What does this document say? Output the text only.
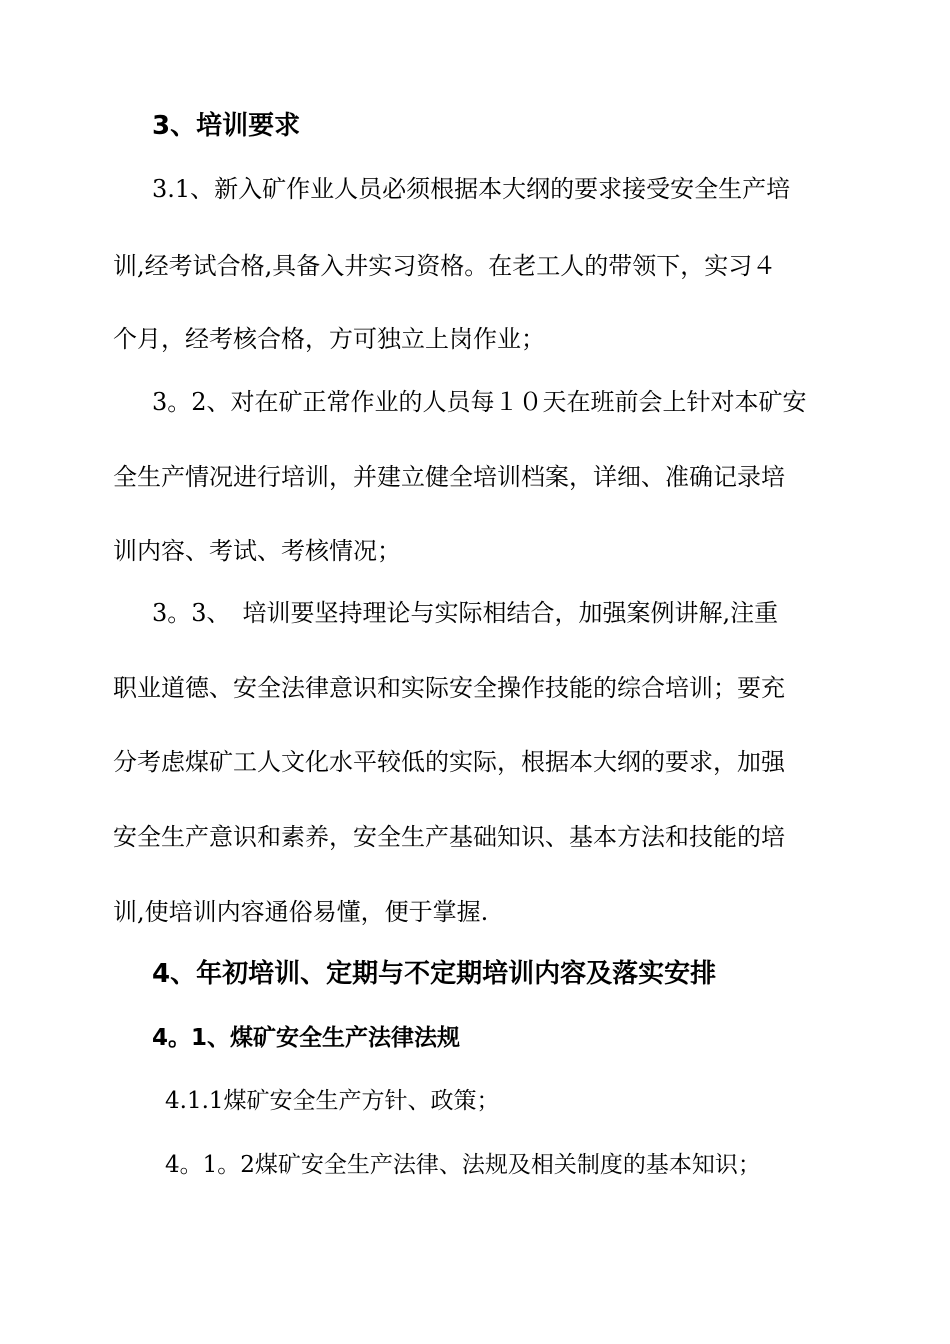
3、培训要求
3.1、新入矿作业人员必须根据本大纲的要求接受安全生产培
训,经考试合格,具备入井实习资格。在老工人的带领下，实习４
个月，经考核合格，方可独立上岗作业；
3。2、对在矿正常作业的人员每１０天在班前会上针对本矿安
全生产情况进行培训，并建立健全培训档案，详细、准确记录培
训内容、考试、考核情况；
3。3、　培训要坚持理论与实际相结合，加强案例讲解,注重
职业道德、安全法律意识和实际安全操作技能的综合培训；要充
分考虑煤矿工人文化水平较低的实际，根据本大纲的要求，加强
安全生产意识和素养，安全生产基础知识、基本方法和技能的培
训,使培训内容通俗易懂，便于掌握.
4、年初培训、定期与不定期培训内容及落实安排
4。1、煤矿安全生产法律法规
4.1.1煤矿安全生产方针、政策；
4。1。2煤矿安全生产法律、法规及相关制度的基本知识；
